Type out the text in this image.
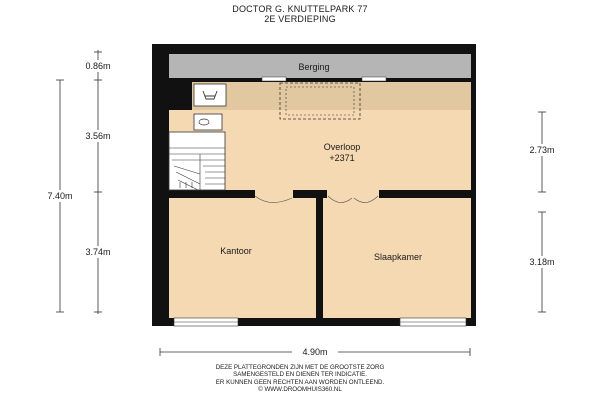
DOCTOR G. KNUTTELPARK 77
2E VERDIEPING
Berging
Overloop
+2371
Kantoor
Slaapkamer
0.86m
3.56m
7.40m
3.74m
2.73m
3.18m
4.90m
DEZE PLATTEGRONDEN ZIJN MET DE GROOTSTE ZORG
SAMENGESTELD EN DIENEN TER INDICATIE.
ER KUNNEN GEEN RECHTEN AAN WORDEN ONTLEEND.
© WWW.DROOMHUIS360.NL
